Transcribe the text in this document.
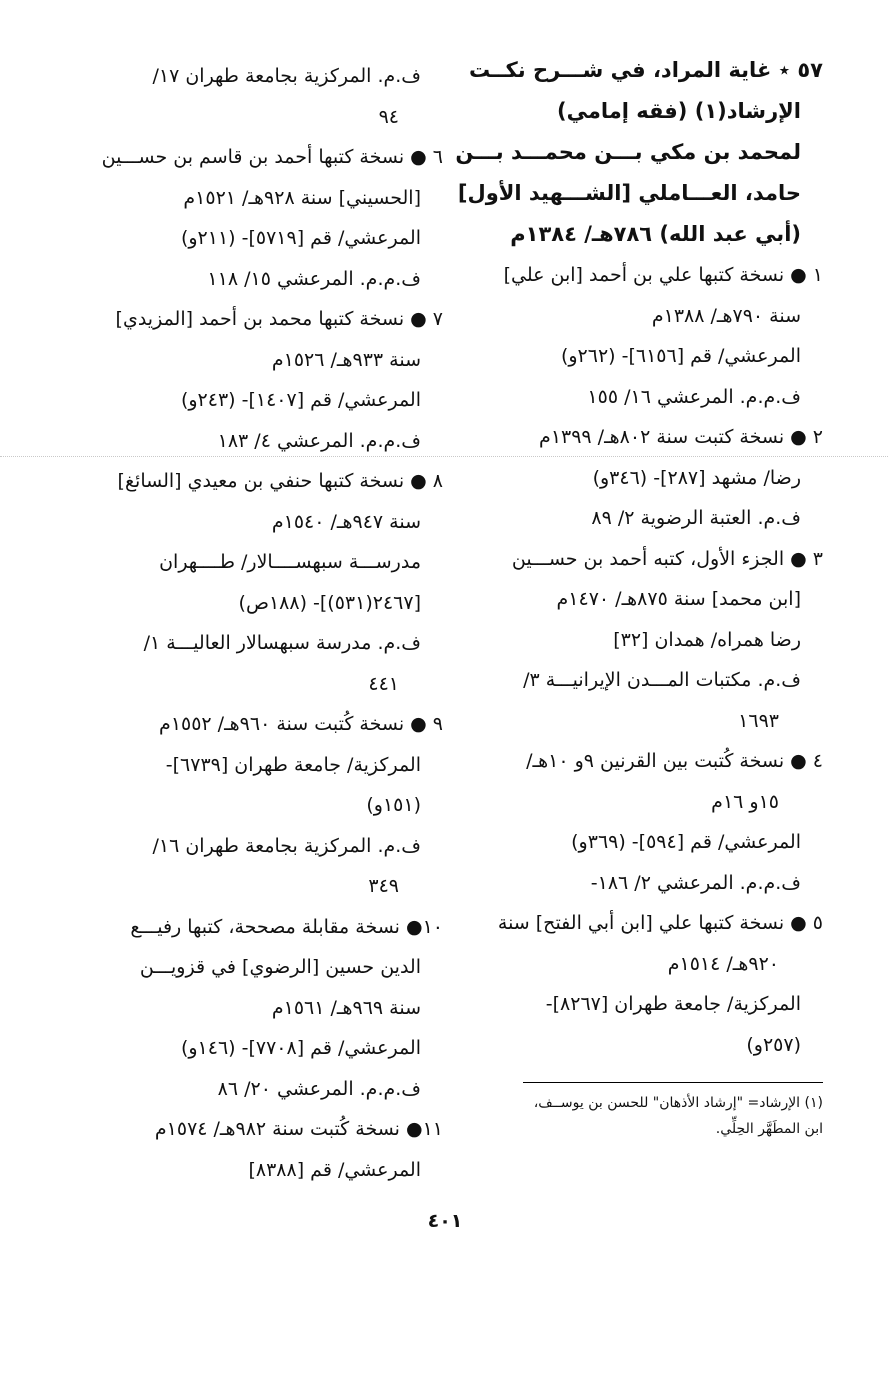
٥٧ ٭ غاية المراد، في شـــرح نكــت
الإرشاد(١) (فقه إمامي)
لمحمد بن مكي بـــن محمـــد بـــن
حامد، العـــاملي [الشـــهيد الأول]
(أبي عبد الله) ٧٨٦هـ/ ١٣٨٤م
١ ● نسخة كتبها علي بن أحمد [ابن علي]
سنة ٧٩٠هـ/ ١٣٨٨م
المرعشي/ قم [٦١٥٦]- (٢٦٢و)
ف.م.م. المرعشي ١٦/ ١٥٥
٢ ● نسخة كتبت سنة ٨٠٢هـ/ ١٣٩٩م
رضا/ مشهد [٢٨٧]- (٣٤٦و)
ف.م. العتبة الرضوية ٢/ ٨٩
٣ ● الجزء الأول، كتبه أحمد بن حســـين
[ابن محمد] سنة ٨٧٥هـ/ ١٤٧٠م
رضا همراه/ همدان [٣٢]
ف.م. مكتبات المـــدن الإيرانيـــة ٣/
١٦٩٣
٤ ● نسخة كُتبت بين القرنين ٩و ١٠هـ/
١٥و ١٦م
المرعشي/ قم [٥٩٤]- (٣٦٩و)
ف.م.م. المرعشي ٢/ ١٨٦-
٥ ● نسخة كتبها علي [ابن أبي الفتح] سنة
٩٢٠هـ/ ١٥١٤م
المركزية/ جامعة طهران [٨٢٦٧]-
(٢٥٧و)
ف.م. المركزية بجامعة طهران ١٧/
٩٤
٦ ● نسخة كتبها أحمد بن قاسم بن حســـين
[الحسيني] سنة ٩٢٨هـ/ ١٥٢١م
المرعشي/ قم [٥٧١٩]- (٢١١و)
ف.م.م. المرعشي ١٥/ ١١٨
٧ ● نسخة كتبها محمد بن أحمد [المزيدي]
سنة ٩٣٣هـ/ ١٥٢٦م
المرعشي/ قم [١٤٠٧]- (٢٤٣و)
ف.م.م. المرعشي ٤/ ١٨٣
٨ ● نسخة كتبها حنفي بن معيدي [السائغ]
سنة ٩٤٧هـ/ ١٥٤٠م
مدرســـة سبهســــالار/ طــــهران
[٢٤٦٧(٥٣١)]- (١٨٨ص)
ف.م. مدرسة سبهسالار العاليـــة ١/
٤٤١
٩ ● نسخة كُتبت سنة ٩٦٠هـ/ ١٥٥٢م
المركزية/ جامعة طهران [٦٧٣٩]-
(١٥١و)
ف.م. المركزية بجامعة طهران ١٦/
٣٤٩
١٠● نسخة مقابلة مصححة، كتبها رفيـــع
الدين حسين [الرضوي] في قزويـــن
سنة ٩٦٩هـ/ ١٥٦١م
المرعشي/ قم [٧٧٠٨]- (١٤٦و)
ف.م.م. المرعشي ٢٠/ ٨٦
١١● نسخة كُتبت سنة ٩٨٢هـ/ ١٥٧٤م
المرعشي/ قم [٨٣٨٨]
(١) الإرشاد= "إرشاد الأذهان" للحسن بن يوســف،
ابن المطَهَّر الحِلِّي.
٤٠١
